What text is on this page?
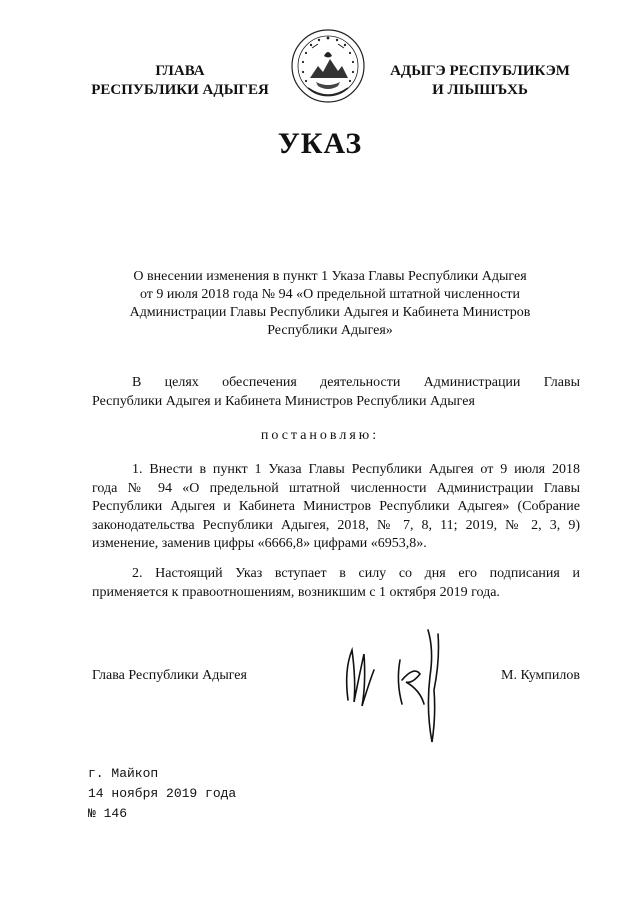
ГЛАВА
РЕСПУБЛИКИ АДЫГЕЯ
АДЫГЭ РЕСПУБЛИКЭМ
И ЛІЫШЪХЬ
УКАЗ
О внесении изменения в пункт 1 Указа Главы Республики Адыгея
от 9 июля 2018 года № 94 «О предельной штатной численности
Администрации Главы Республики Адыгея и Кабинета Министров
Республики Адыгея»
В целях обеспечения деятельности Администрации Главы
Республики Адыгея и Кабинета Министров Республики Адыгея
постановляю:
1. Внести в пункт 1 Указа Главы Республики Адыгея от 9 июля 2018
года № 94 «О предельной штатной численности Администрации Главы
Республики Адыгея и Кабинета Министров Республики Адыгея» (Собрание
законодательства Республики Адыгея, 2018, № 7, 8, 11; 2019, № 2, 3, 9)
изменение, заменив цифры «6666,8» цифрами «6953,8».
2. Настоящий Указ вступает в силу со дня его подписания и
применяется к правоотношениям, возникшим с 1 октября 2019 года.
Глава Республики Адыгея	М. Кумпилов
г. Майкоп
14 ноября 2019 года
№ 146
